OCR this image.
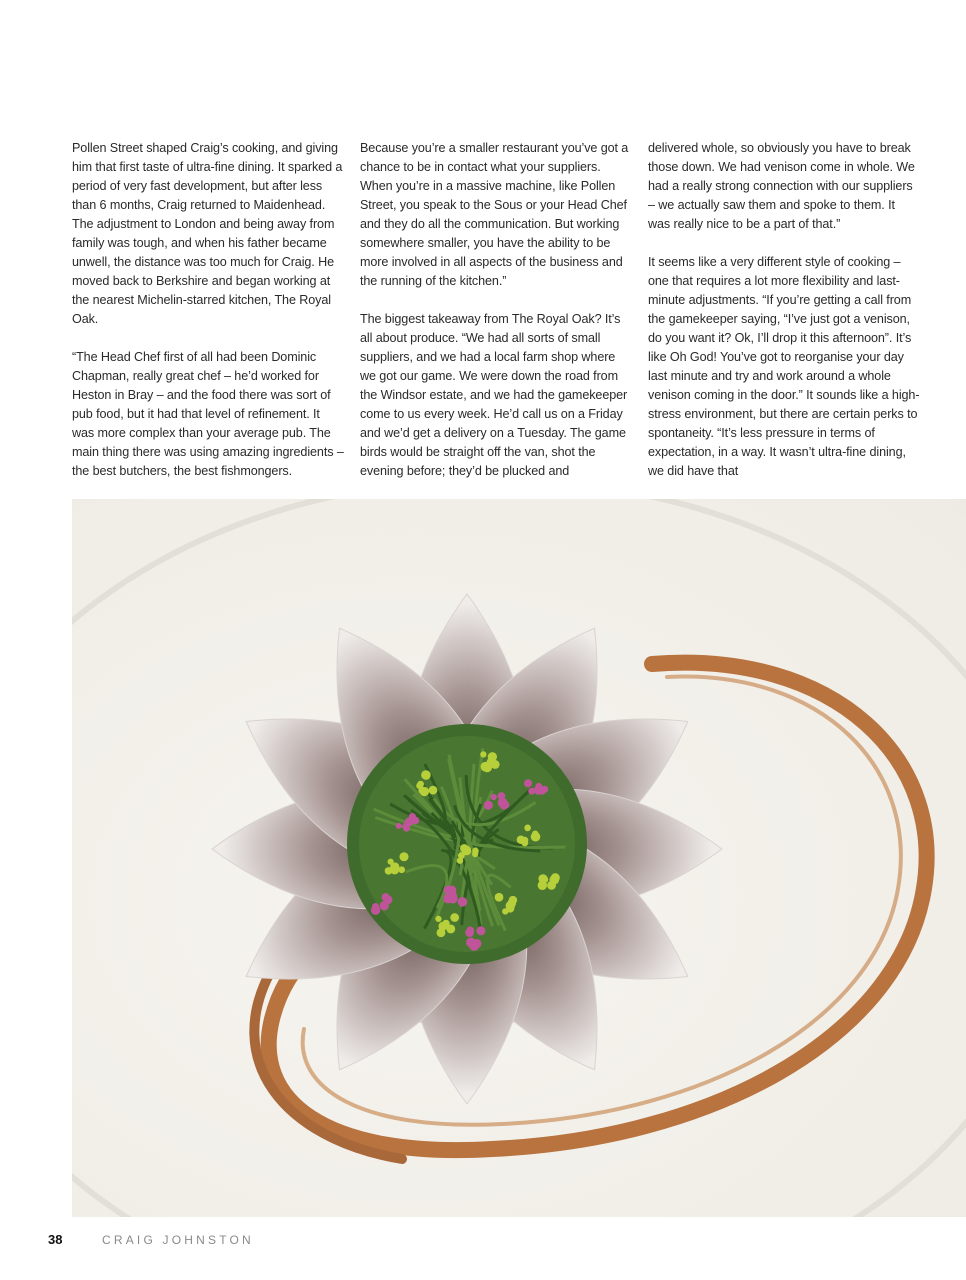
Pollen Street shaped Craig’s cooking, and giving him that first taste of ultra-fine dining. It sparked a period of very fast development, but after less than 6 months, Craig returned to Maidenhead. The adjustment to London and being away from family was tough, and when his father became unwell, the distance was too much for Craig. He moved back to Berkshire and began working at the nearest Michelin-starred kitchen, The Royal Oak.

“The Head Chef first of all had been Dominic Chapman, really great chef – he’d worked for Heston in Bray – and the food there was sort of pub food, but it had that level of refinement. It was more complex than your average pub. The main thing there was using amazing ingredients – the best butchers, the best fishmongers.

Because you’re a smaller restaurant you’ve got a chance to be in contact what your suppliers. When you’re in a massive machine, like Pollen Street, you speak to the Sous or your Head Chef and they do all the communication. But working somewhere smaller, you have the ability to be more involved in all aspects of the business and the running of the kitchen.”

The biggest takeaway from The Royal Oak? It’s all about produce. “We had all sorts of small suppliers, and we had a local farm shop where we got our game. We were down the road from the Windsor estate, and we had the gamekeeper come to us every week. He’d call us on a Friday and we’d get a delivery on a Tuesday. The game birds would be straight off the van, shot the evening before; they’d be plucked and

delivered whole, so obviously you have to break those down. We had venison come in whole. We had a really strong connection with our suppliers – we actually saw them and spoke to them. It was really nice to be a part of that.”

It seems like a very different style of cooking – one that requires a lot more flexibility and last-minute adjustments. “If you’re getting a call from the gamekeeper saying, “I’ve just got a venison, do you want it? Ok, I’ll drop it this afternoon”. It’s like Oh God! You’ve got to reorganise your day last minute and try and work around a whole venison coming in the door.” It sounds like a high-stress environment, but there are certain perks to spontaneity. “It’s less pressure in terms of expectation, in a way. It wasn’t ultra-fine dining, we did have that

38	CRAIG JOHNSTON
